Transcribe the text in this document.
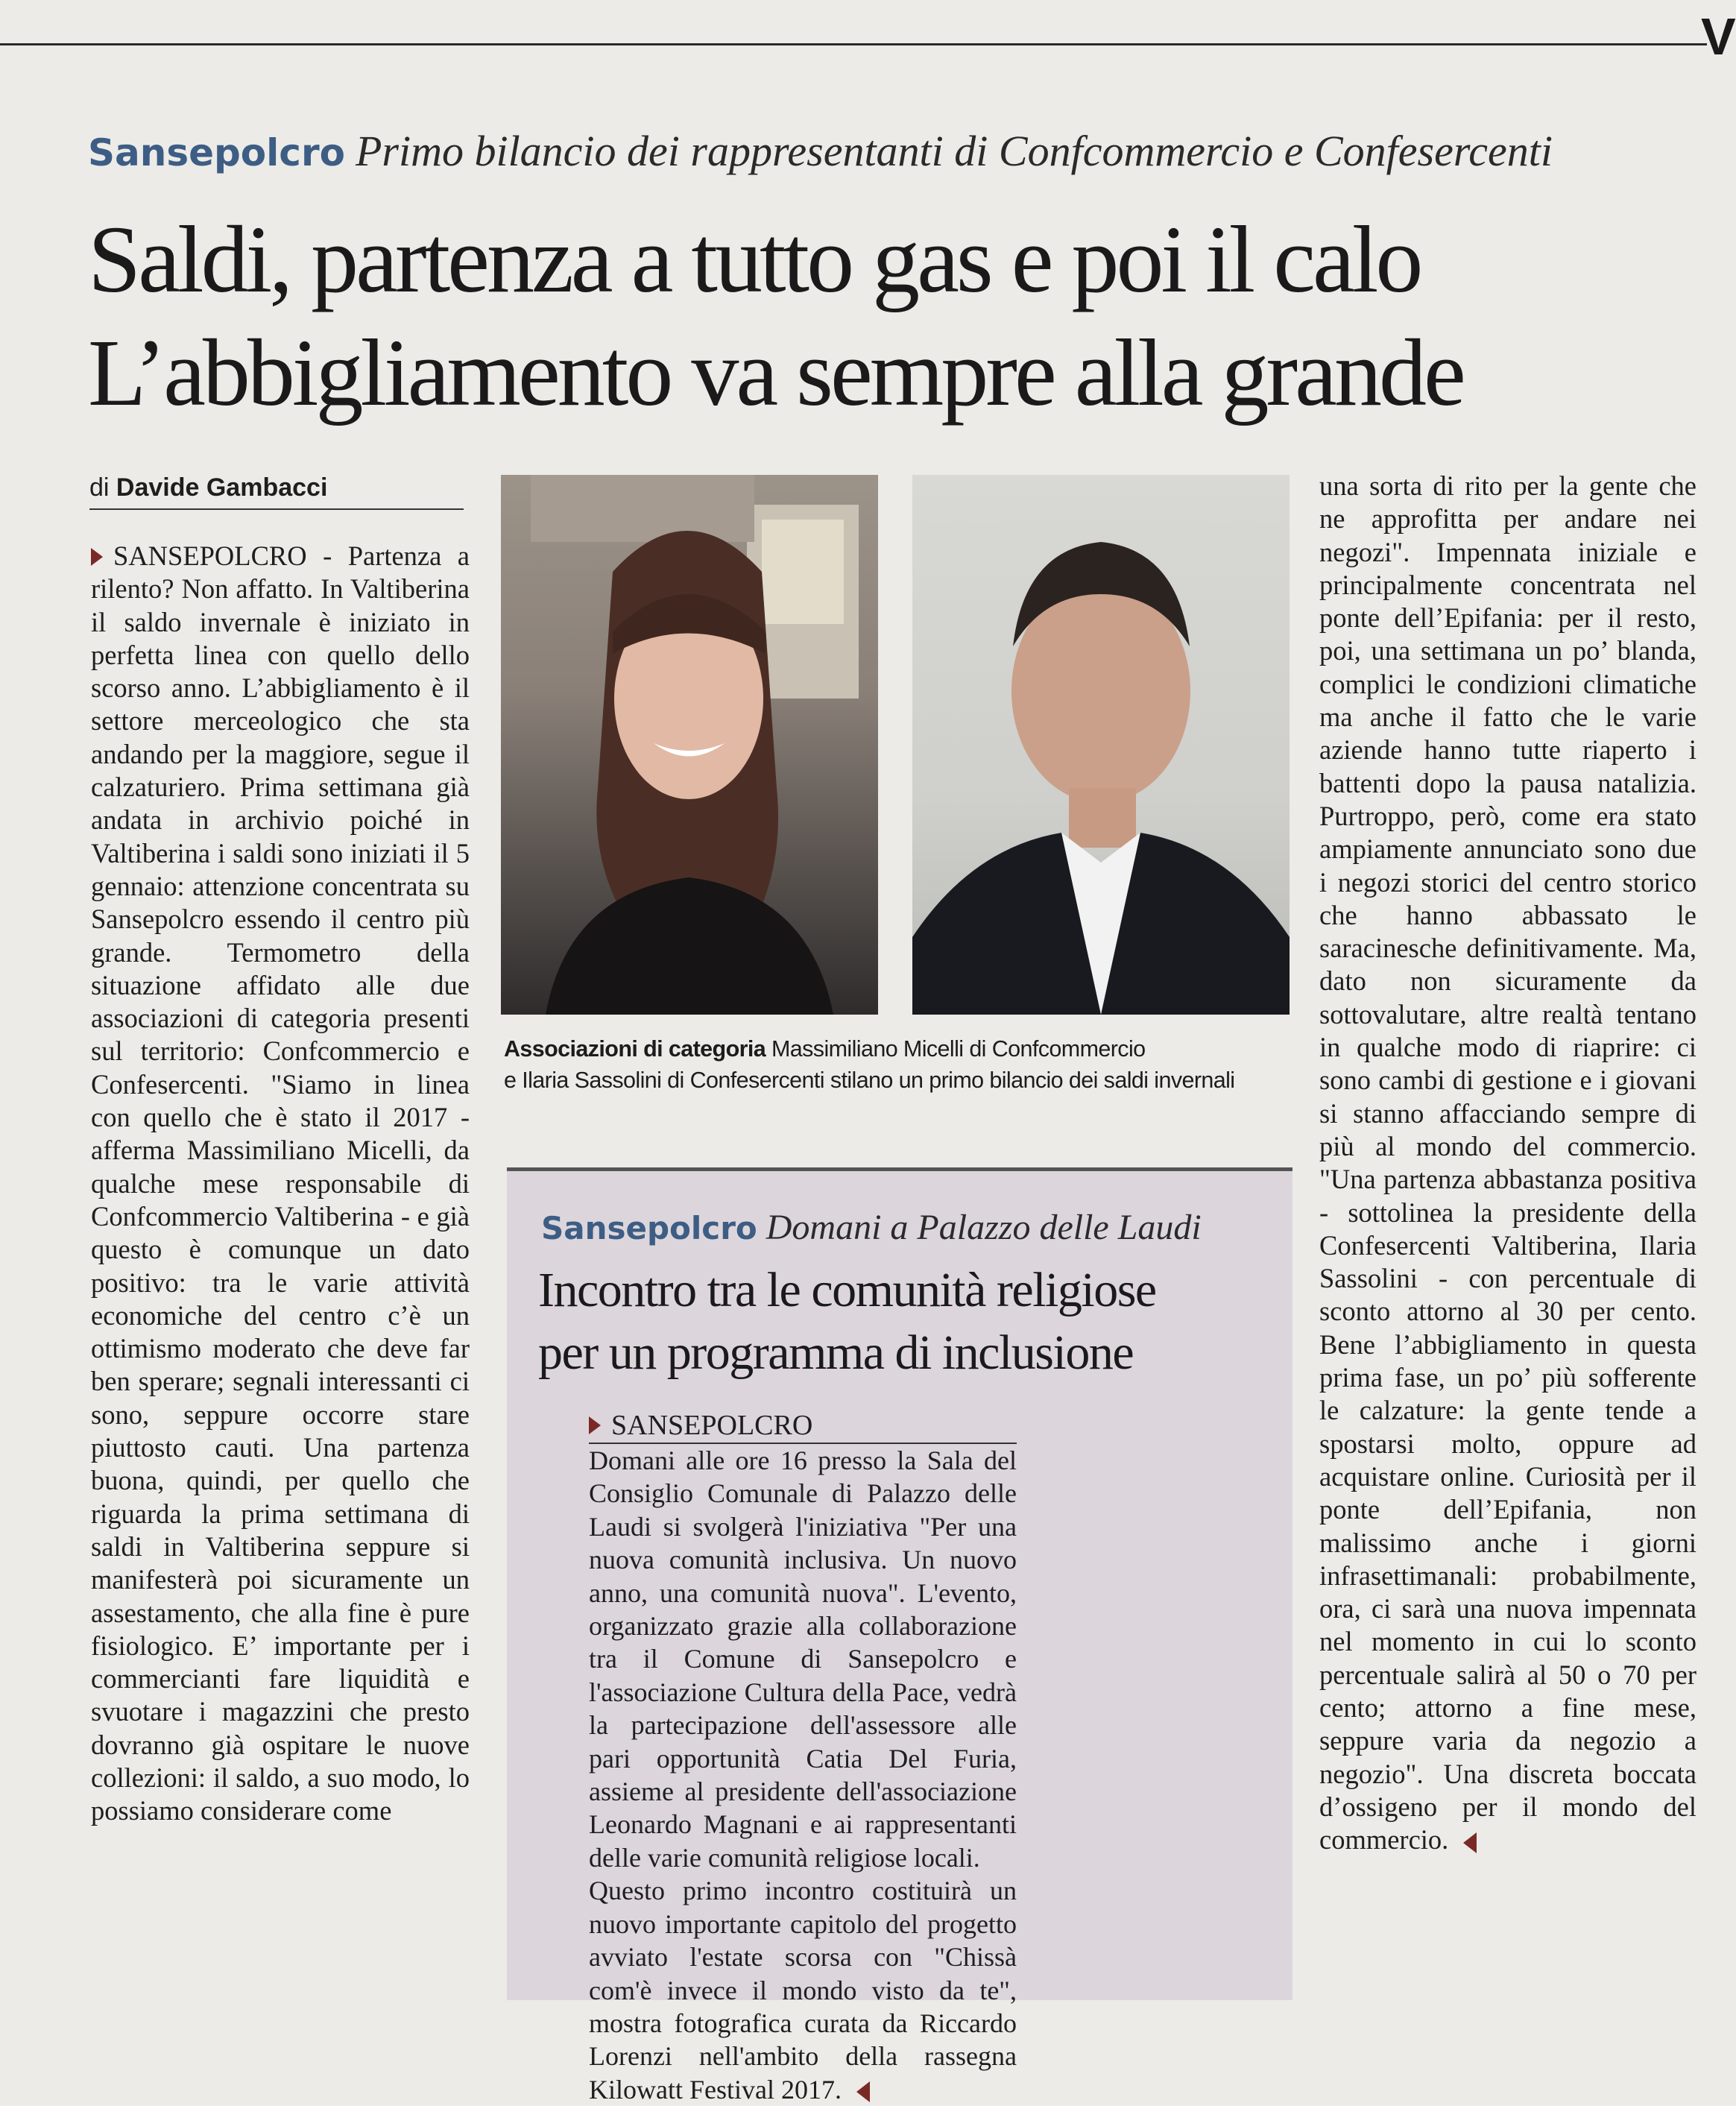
V
Sansepolcro Primo bilancio dei rappresentanti di Confcommercio e Confesercenti
Saldi, partenza a tutto gas e poi il calo
L’abbigliamento va sempre alla grande
di Davide Gambacci
SANSEPOLCRO - Partenza a rilento? Non affatto. In Valtiberina il saldo invernale è iniziato in perfetta linea con quello dello scorso anno. L’abbigliamento è il settore merceologico che sta andando per la maggiore, segue il calzaturiero. Prima settimana già andata in archivio poiché in Valtiberina i saldi sono iniziati il 5 gennaio: attenzione concentrata su Sansepolcro essendo il centro più grande. Termometro della situazione affidato alle due associazioni di categoria presenti sul territorio: Confcommercio e Confesercenti. "Siamo in linea con quello che è stato il 2017 - afferma Massimiliano Micelli, da qualche mese responsabile di Confcommercio Valtiberina - e già questo è comunque un dato positivo: tra le varie attività economiche del centro c’è un ottimismo moderato che deve far ben sperare; segnali interessanti ci sono, seppure occorre stare piuttosto cauti. Una partenza buona, quindi, per quello che riguarda la prima settimana di saldi in Valtiberina seppure si manifesterà poi sicuramente un assestamento, che alla fine è pure fisiologico. E’ importante per i commercianti fare liquidità e svuotare i magazzini che presto dovranno già ospitare le nuove collezioni: il saldo, a suo modo, lo possiamo considerare come
Associazioni di categoria Massimiliano Micelli di Confcommercio
e Ilaria Sassolini di Confesercenti stilano un primo bilancio dei saldi invernali
una sorta di rito per la gente che ne approfitta per andare nei negozi". Impennata iniziale e principalmente concentrata nel ponte dell’Epifania: per il resto, poi, una settimana un po’ blanda, complici le condizioni climatiche ma anche il fatto che le varie aziende hanno tutte riaperto i battenti dopo la pausa natalizia. Purtroppo, però, come era stato ampiamente annunciato sono due i negozi storici del centro storico che hanno abbassato le saracinesche definitivamente. Ma, dato non sicuramente da sottovalutare, altre realtà tentano in qualche modo di riaprire: ci sono cambi di gestione e i giovani si stanno affacciando sempre di più al mondo del commercio. "Una partenza abbastanza positiva - sottolinea la presidente della Confesercenti Valtiberina, Ilaria Sassolini - con percentuale di sconto attorno al 30 per cento. Bene l’abbigliamento in questa prima fase, un po’ più sofferente le calzature: la gente tende a spostarsi molto, oppure ad acquistare online. Curiosità per il ponte dell’Epifania, non malissimo anche i giorni infrasettimanali: probabilmente, ora, ci sarà una nuova impennata nel momento in cui lo sconto percentuale salirà al 50 o 70 per cento; attorno a fine mese, seppure varia da negozio a negozio". Una discreta boccata d’ossigeno per il mondo del commercio.
Sansepolcro Domani a Palazzo delle Laudi
Incontro tra le comunità religiose
per un programma di inclusione
SANSEPOLCRO

Domani alle ore 16 presso la Sala del Consiglio Comunale di Palazzo delle Laudi si svolgerà l'iniziativa "Per una nuova comunità inclusiva. Un nuovo anno, una comunità nuova". L'evento, organizzato grazie alla collaborazione tra il Comune di Sansepolcro e l'associazione Cultura della Pace, vedrà la partecipazione dell'assessore alle pari opportunità Catia Del Furia, assieme al presidente dell'associazione Leonardo Magnani e ai rappresentanti delle varie comunità religiose locali.

Questo primo incontro costituirà un nuovo importante capitolo del progetto avviato l'estate scorsa con "Chissà com'è invece il mondo visto da te", mostra fotografica curata da Riccardo Lorenzi nell'ambito della rassegna Kilowatt Festival 2017.
